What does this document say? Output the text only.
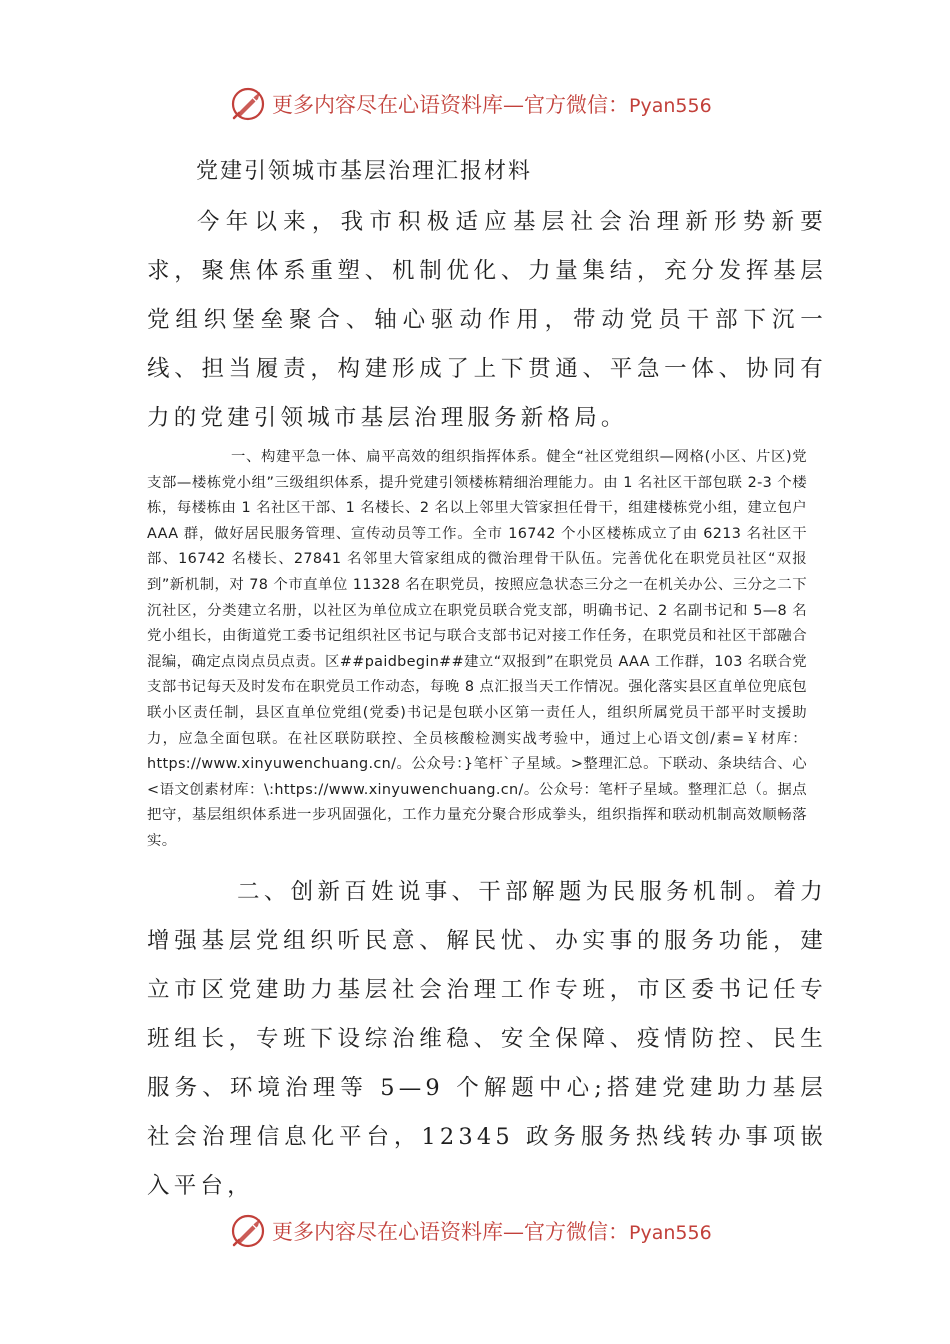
更多内容尽在心语资料库—官方微信：Pyan556
党建引领城市基层治理汇报材料

今年以来，我市积极适应基层社会治理新形势新要求，聚焦体系重塑、机制优化、力量集结，充分发挥基层党组织堡垒聚合、轴心驱动作用，带动党员干部下沉一线、担当履责，构建形成了上下贯通、平急一体、协同有力的党建引领城市基层治理服务新格局。

一、构建平急一体、扁平高效的组织指挥体系。健全“社区党组织—网格(小区、片区)党支部—楼栋党小组”三级组织体系，提升党建引领楼栋精细治理能力。由 1 名社区干部包联 2-3 个楼栋，每楼栋由 1 名社区干部、1 名楼长、2 名以上邻里大管家担任骨干，组建楼栋党小组，建立包户 AAA 群，做好居民服务管理、宣传动员等工作。全市 16742 个小区楼栋成立了由 6213 名社区干部、16742 名楼长、27841 名邻里大管家组成的微治理骨干队伍。完善优化在职党员社区“双报到”新机制，对 78 个市直单位 11328 名在职党员，按照应急状态三分之一在机关办公、三分之二下沉社区，分类建立名册，以社区为单位成立在职党员联合党支部，明确书记、2 名副书记和 5—8 名党小组长，由街道党工委书记组织社区书记与联合支部书记对接工作任务，在职党员和社区干部融合混编，确定点岗点员点责。区##paidbegin##建立“双报到”在职党员 AAA 工作群，103 名联合党支部书记每天及时发布在职党员工作动态，每晚 8 点汇报当天工作情况。强化落实县区直单位兜底包联小区责任制，县区直单位党组(党委)书记是包联小区第一责任人，组织所属党员干部平时支援助力，应急全面包联。在社区联防联控、全员核酸检测实战考验中，通过上心语文创/素=￥材库：https://www.xinyuwenchuang.cn/。公众号：}笔杆`子星域。>整理汇总。下联动、条块结合、心<语文创素材库：\:https://www.xinyuwenchuang.cn/。公众号：笔杆子星域。整理汇总（。据点把守，基层组织体系进一步巩固强化，工作力量充分聚合形成拳头，组织指挥和联动机制高效顺畅落实。

二、创新百姓说事、干部解题为民服务机制。着力增强基层党组织听民意、解民忧、办实事的服务功能，建立市区党建助力基层社会治理工作专班，市区委书记任专班组长，专班下设综治维稳、安全保障、疫情防控、民生服务、环境治理等 5—9 个解题中心;搭建党建助力基层社会治理信息化平台，12345 政务服务热线转办事项嵌入平台，

更多内容尽在心语资料库—官方微信：Pyan556
